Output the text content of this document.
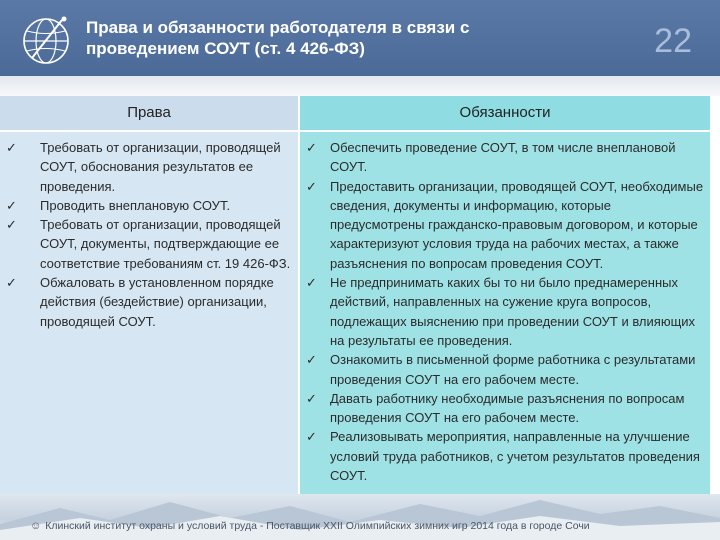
Права и обязанности работодателя в связи с проведением СОУТ (ст. 4 426-ФЗ)	22
Права
✓ Требовать от организации, проводящей СОУТ, обоснования результатов ее проведения.
✓ Проводить внеплановую СОУТ.
✓ Требовать от организации, проводящей СОУТ, документы, подтверждающие ее соответствие требованиям ст. 19 426-ФЗ.
✓ Обжаловать в установленном порядке действия (бездействие) организации, проводящей СОУТ.
Обязанности
✓ Обеспечить проведение СОУТ, в том числе внеплановой СОУТ.
✓ Предоставить организации, проводящей СОУТ, необходимые сведения, документы и информацию, которые предусмотрены гражданско-правовым договором, и которые характеризуют условия труда на рабочих местах, а также разъяснения по вопросам проведения СОУТ.
✓ Не предпринимать каких бы то ни было преднамеренных действий, направленных на сужение круга вопросов, подлежащих выяснению при проведении СОУТ и влияющих на результаты ее проведения.
✓ Ознакомить в письменной форме работника с результатами проведения СОУТ на его рабочем месте.
✓ Давать работнику необходимые разъяснения по вопросам проведения СОУТ на его рабочем месте.
✓ Реализовывать мероприятия, направленные на улучшение условий труда работников, с учетом результатов проведения СОУТ.
☺ Клинский институт охраны и условий труда - Поставщик XXII Олимпийских зимних игр 2014 года в городе Сочи
